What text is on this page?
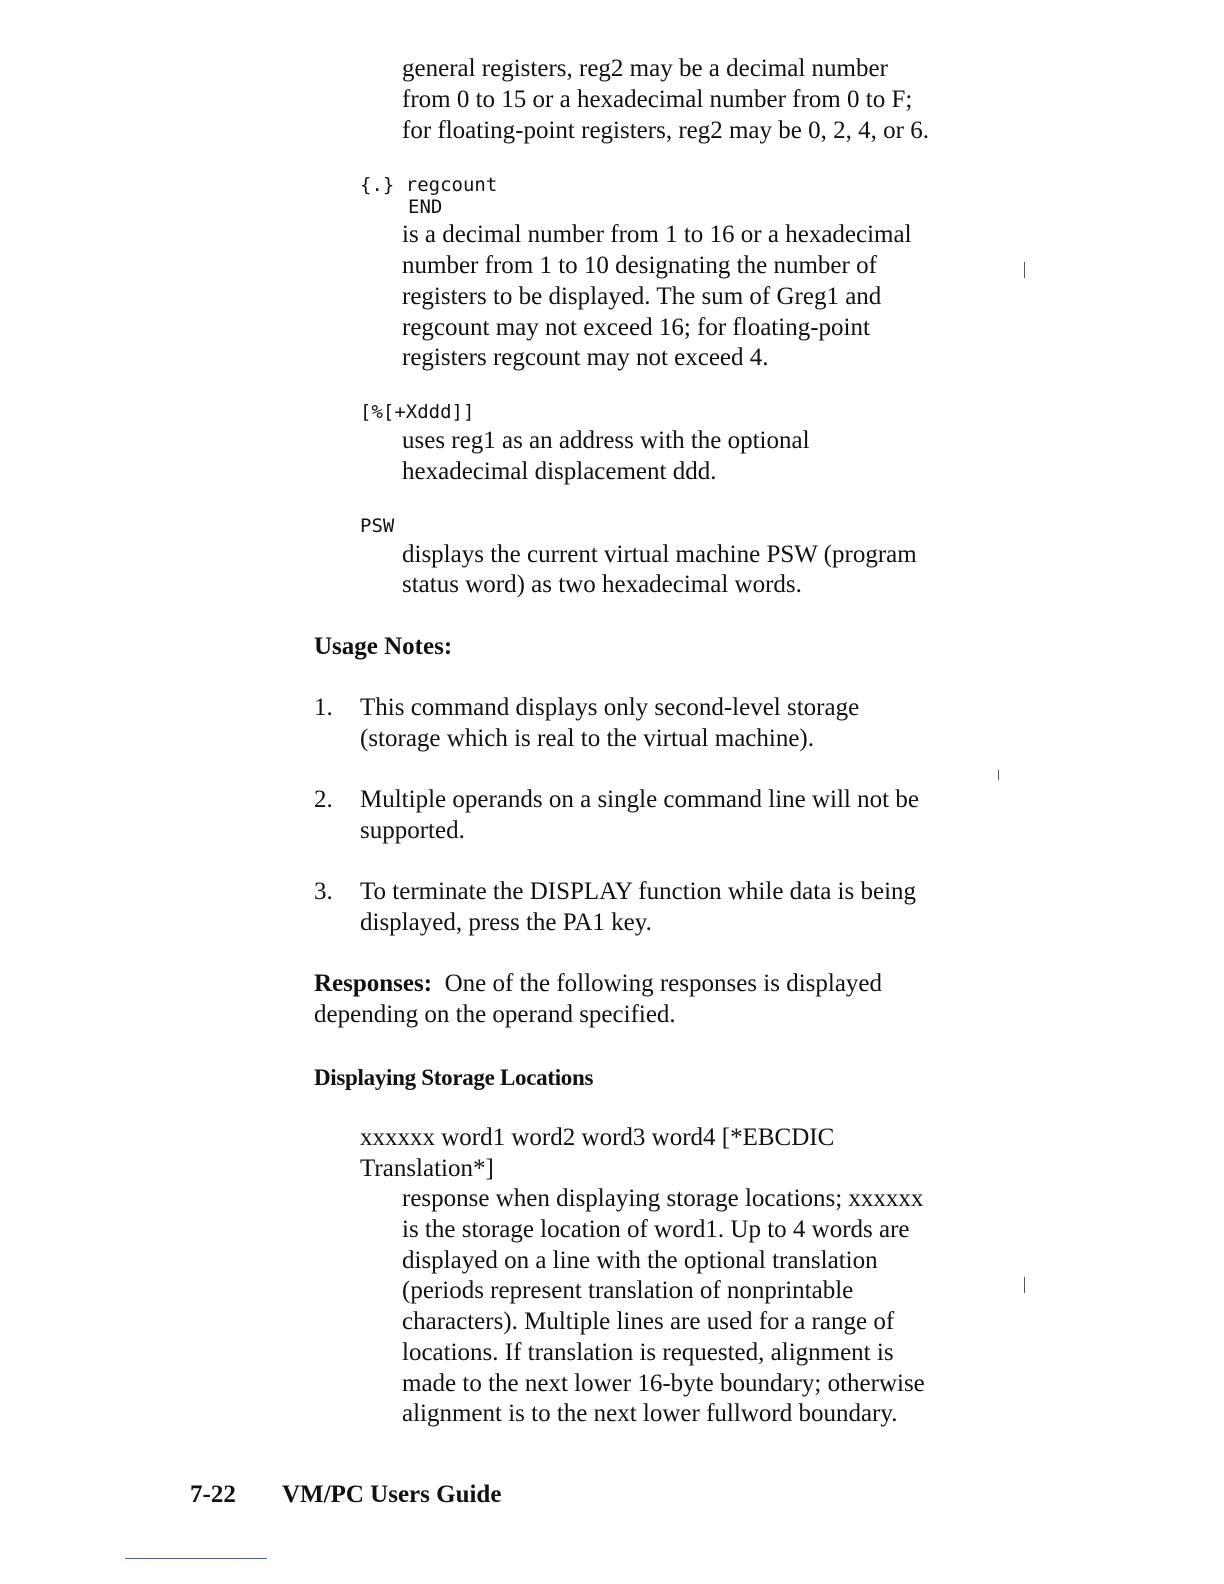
general registers, reg2 may be a decimal number
from 0 to 15 or a hexadecimal number from 0 to F;
for floating-point registers, reg2 may be 0, 2, 4, or 6.
{.} regcount
END
is a decimal number from 1 to 16 or a hexadecimal
number from 1 to 10 designating the number of
registers to be displayed. The sum of Greg1 and
regcount may not exceed 16; for floating-point
registers regcount may not exceed 4.
[%[+Xddd]]
uses reg1 as an address with the optional
hexadecimal displacement ddd.
PSW
displays the current virtual machine PSW (program
status word) as two hexadecimal words.
Usage Notes:
1. This command displays only second-level storage
(storage which is real to the virtual machine).
2. Multiple operands on a single command line will not be
supported.
3. To terminate the DISPLAY function while data is being
displayed, press the PA1 key.
Responses: One of the following responses is displayed
depending on the operand specified.
Displaying Storage Locations
xxxxxx word1 word2 word3 word4 [*EBCDIC
Translation*]
response when displaying storage locations; xxxxxx
is the storage location of word1. Up to 4 words are
displayed on a line with the optional translation
(periods represent translation of nonprintable
characters). Multiple lines are used for a range of
locations. If translation is requested, alignment is
made to the next lower 16-byte boundary; otherwise
alignment is to the next lower fullword boundary.
7-22 VM/PC Users Guide
